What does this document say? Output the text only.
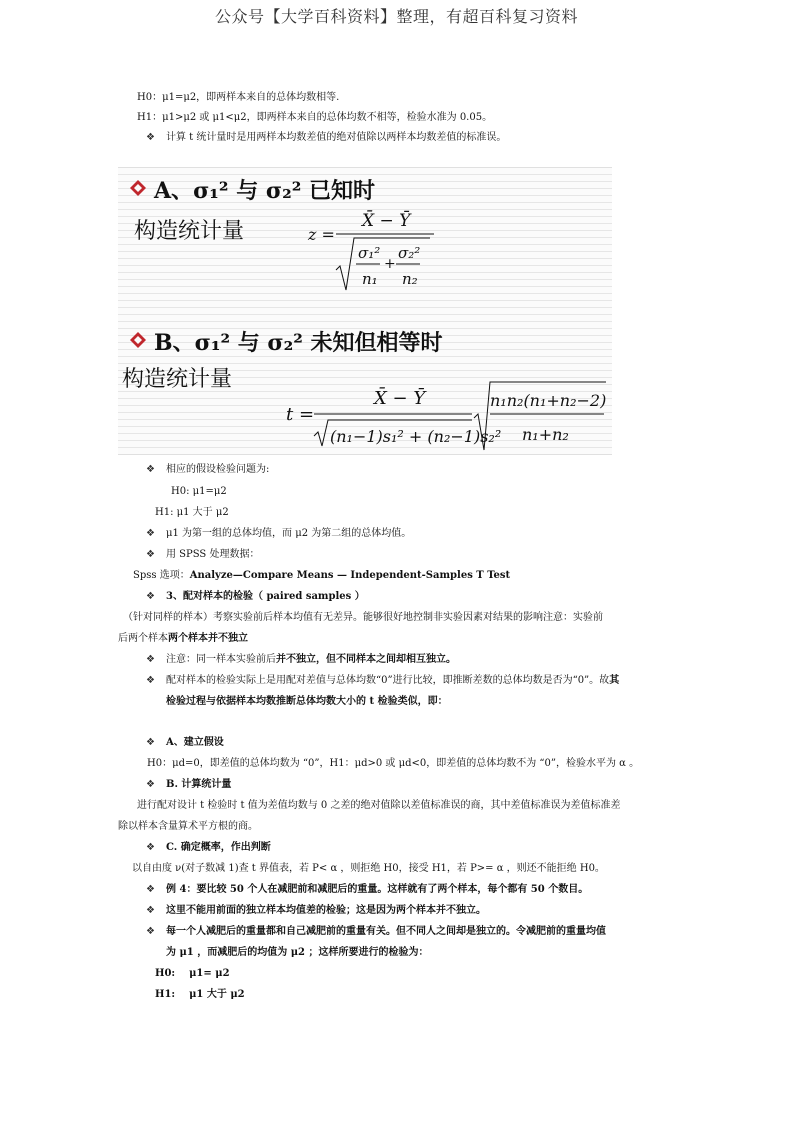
公众号【大学百科资料】整理，有超百科复习资料
H0：μ1=μ2，即两样本来自的总体均数相等.
H1：μ1>μ2 或 μ1<μ2，即两样本来自的总体均数不相等，检验水准为 0.05。
❖ 计算 t 统计量时是用两样本均数差值的绝对值除以两样本均数差值的标准误。
A、σ₁² 与 σ₂² 已知时
构造统计量	z =
X̄ − Ȳ
σ₁²
n₁
+
σ₂²
n₂
B、σ₁² 与 σ₂² 未知但相等时
构造统计量
t =
X̄ − Ȳ
(n₁−1)s₁² + (n₂−1)s₂²
n₁n₂(n₁+n₂−2)
n₁+n₂
❖ 相应的假设检验问题为:
H0: μ1=μ2
H1: μ1 大于 μ2
❖ μ1 为第一组的总体均值，而 μ2 为第二组的总体均值。
❖ 用 SPSS 处理数据：
Spss 选项：Analyze—Compare Means — Independent-Samples T Test
❖ 3、配对样本的检验（ paired samples ）
（针对同样的样本）考察实验前后样本均值有无差异。能够很好地控制非实验因素对结果的影响注意：实验前
后两个样本两个样本并不独立
❖ 注意：同一样本实验前后并不独立，但不同样本之间却相互独立。
❖ 配对样本的检验实际上是用配对差值与总体均数“0”进行比较，即推断差数的总体均数是否为“0”。故其
检验过程与依据样本均数推断总体均数大小的 t 检验类似，即：
❖ A、建立假设
H0：μd=0，即差值的总体均数为 “0”，H1：μd>0 或 μd<0，即差值的总体均数不为 “0”，检验水平为 α 。
❖ B. 计算统计量
进行配对设计 t 检验时 t 值为差值均数与 0 之差的绝对值除以差值标准误的商，其中差值标准误为差值标准差
除以样本含量算术平方根的商。
❖ C. 确定概率，作出判断
以自由度 ν(对子数减 1)查 t 界值表，若 P< α ，则拒绝 H0，接受 H1，若 P>= α ，则还不能拒绝 H0。
❖ 例 4：要比较 50 个人在减肥前和减肥后的重量。这样就有了两个样本，每个都有 50 个数目。
❖ 这里不能用前面的独立样本均值差的检验；这是因为两个样本并不独立。
❖ 每一个人减肥后的重量都和自己减肥前的重量有关。但不同人之间却是独立的。令减肥前的重量均值
为 μ1 ，而减肥后的均值为 μ2 ；这样所要进行的检验为：
H0: μ1= μ2
H1: μ1 大于 μ2
